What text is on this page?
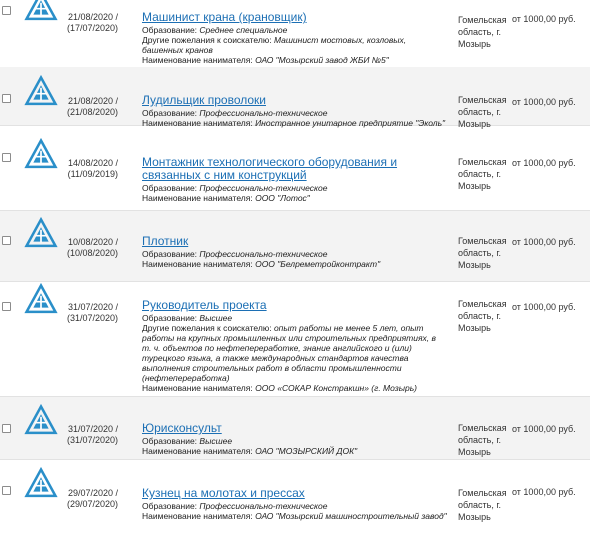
21/08/2020 /
(17/07/2020)
Машинист крана (крановщик)
Образование: Среднее специальное
Другие пожелания к соискателю: Машинист мостовых, козловых, башенных кранов
Наименование нанимателя: ОАО "Мозырский завод ЖБИ №5"
Гомельская область, г. Мозырь
от 1000,00 руб.
21/08/2020 /
(21/08/2020)
Лудильщик проволоки
Образование: Профессионально-техническое
Наименование нанимателя: Иностранное унитарное предприятие "Эколь"
Гомельская область, г. Мозырь
от 1000,00 руб.
14/08/2020 /
(11/09/2019)
Монтажник технологического оборудования и связанных с ним конструкций
Образование: Профессионально-техническое
Наименование нанимателя: ООО "Лотос"
Гомельская область, г. Мозырь
от 1000,00 руб.
10/08/2020 /
(10/08/2020)
Плотник
Образование: Профессионально-техническое
Наименование нанимателя: ООО "Белреметройконтракт"
Гомельская область, г. Мозырь
от 1000,00 руб.
31/07/2020 /
(31/07/2020)
Руководитель проекта
Образование: Высшее
Другие пожелания к соискателю: опыт работы не менее 5 лет, опыт работы на крупных промышленных или строительных предприятиях, в т. ч. объектов по нефтепереработке, знание английского и (или) турецкого языка, а также международных стандартов качества выполнения строительных работ в области промышленности (нефтепереработка)
Наименование нанимателя: ООО «СОКАР Констракшн» (г. Мозырь)
Гомельская область, г. Мозырь
от 1000,00 руб.
31/07/2020 /
(31/07/2020)
Юрисконсульт
Образование: Высшее
Наименование нанимателя: ОАО "МОЗЫРСКИЙ ДОК"
Гомельская область, г. Мозырь
от 1000,00 руб.
29/07/2020 /
(29/07/2020)
Кузнец на молотах и прессах
Образование: Профессионально-техническое
Наименование нанимателя: ОАО "Мозырский машиностроительный завод"
Гомельская область, г. Мозырь
от 1000,00 руб.
